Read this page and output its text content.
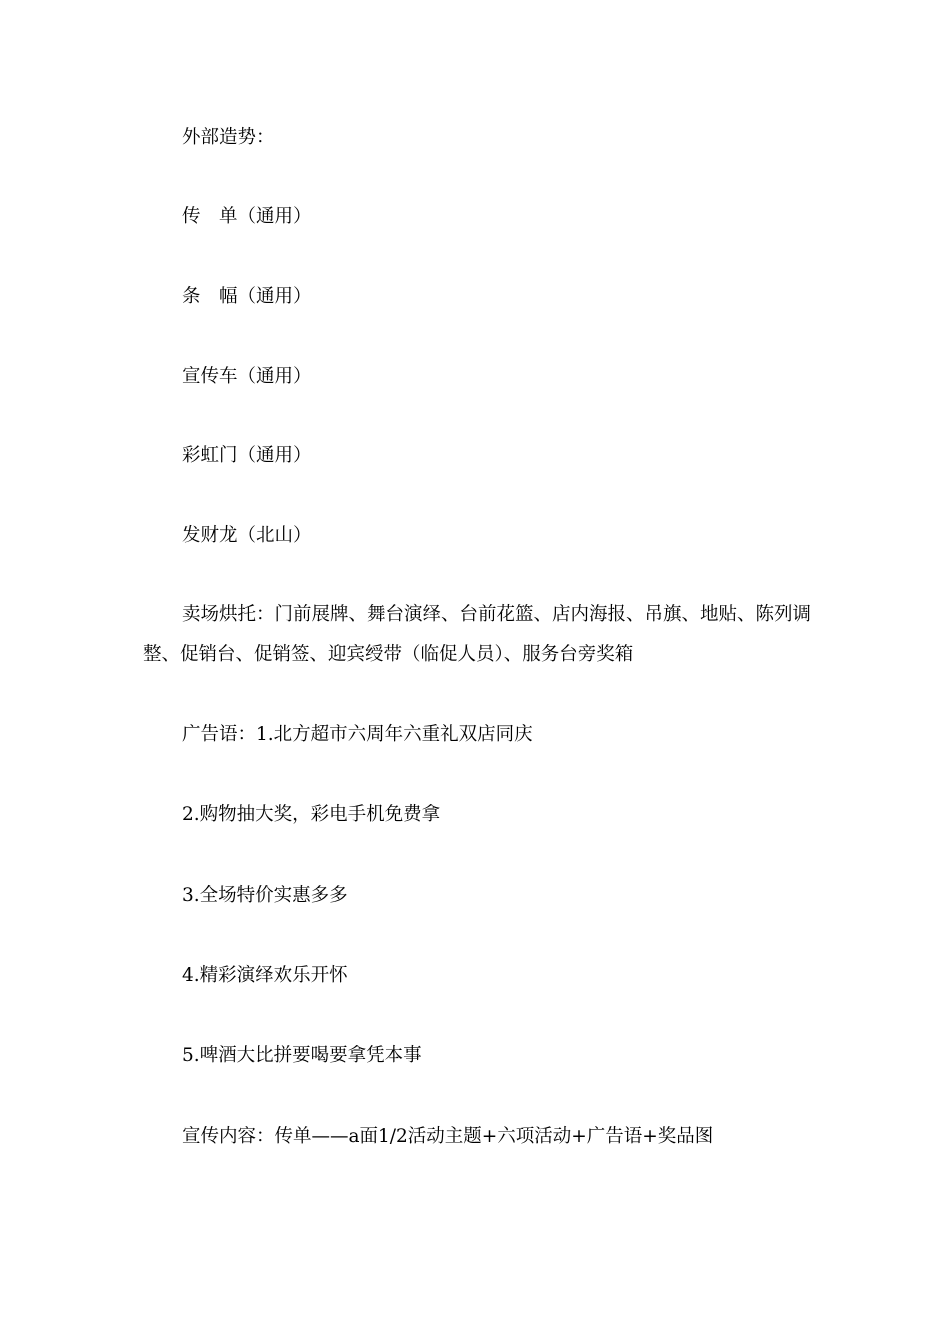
外部造势：

传　单（通用）

条　幅（通用）

宣传车（通用）

彩虹门（通用）

发财龙（北山）

卖场烘托：门前展牌、舞台演绎、台前花篮、店内海报、吊旗、地贴、陈列调整、促销台、促销签、迎宾绶带（临促人员）、服务台旁奖箱

广告语：1.北方超市六周年六重礼双店同庆

2.购物抽大奖，彩电手机免费拿

3.全场特价实惠多多

4.精彩演绎欢乐开怀

5.啤酒大比拼要喝要拿凭本事

宣传内容：传单——a面1/2活动主题+六项活动+广告语+奖品图
